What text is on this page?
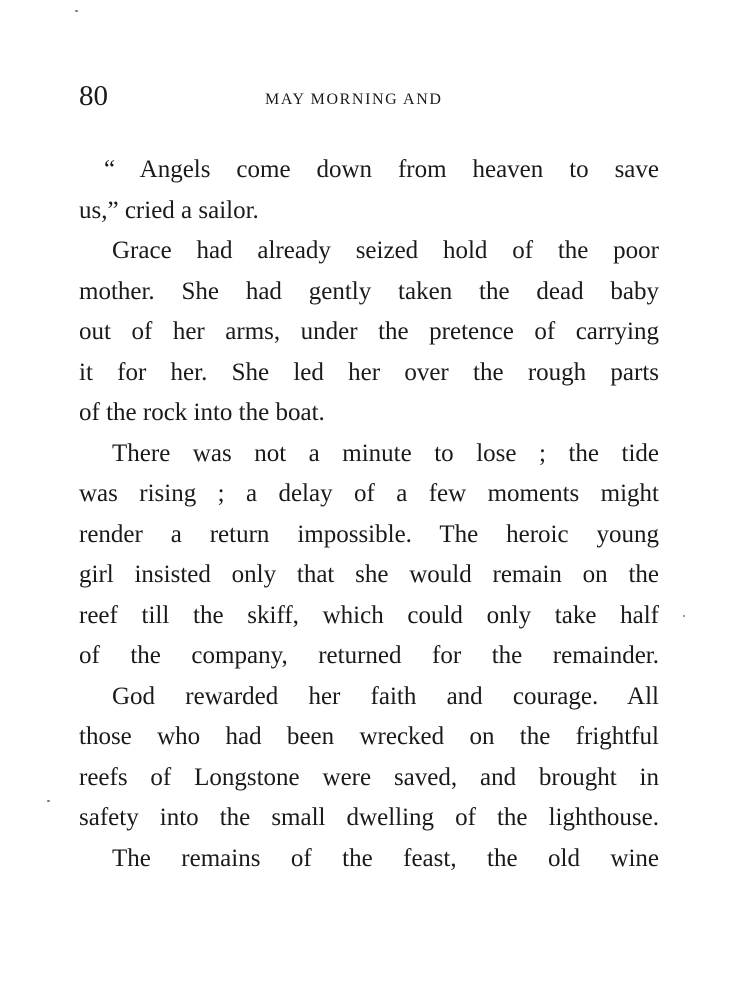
80	MAY MORNING AND
“ Angels come down from heaven to save
us,” cried a sailor.
Grace had already seized hold of the poor
mother. She had gently taken the dead baby
out of her arms, under the pretence of carrying
it for her. She led her over the rough parts
of the rock into the boat.
There was not a minute to lose ; the tide
was rising ; a delay of a few moments might
render a return impossible. The heroic young
girl insisted only that she would remain on the
reef till the skiff, which could only take half
of the company, returned for the remainder.
God rewarded her faith and courage. All
those who had been wrecked on the frightful
reefs of Longstone were saved, and brought in
safety into the small dwelling of the lighthouse.
The remains of the feast, the old wine
